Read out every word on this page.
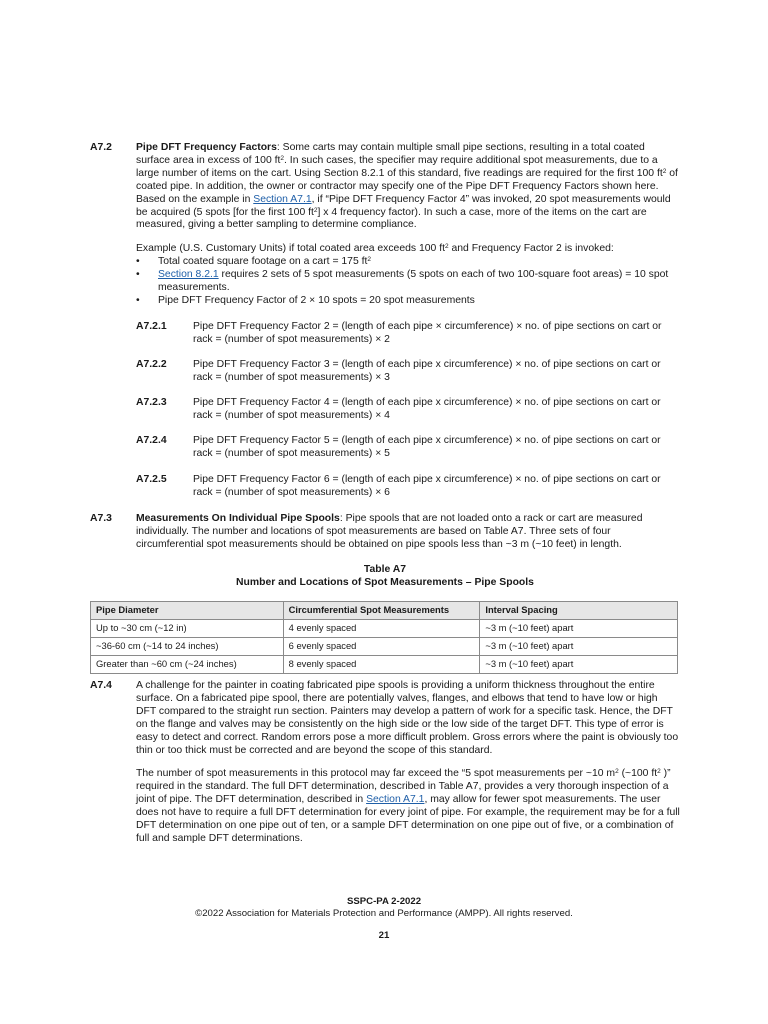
A7.2 Pipe DFT Frequency Factors: Some carts may contain multiple small pipe sections, resulting in a total coated surface area in excess of 100 $ft^2$. In such cases, the specifier may require additional spot measurements, due to a large number of items on the cart. Using Section 8.2.1 of this standard, five readings are required for the first 100 $ft^2$ of coated pipe. In addition, the owner or contractor may specify one of the Pipe DFT Frequency Factors shown here. Based on the example in Section A7.1, if “Pipe DFT Frequency Factor 4” was invoked, 20 spot measurements would be acquired (5 spots [for the first 100 $ft^2$] x 4 frequency factor). In such a case, more of the items on the cart are measured, giving a better sampling to determine compliance.

Example (U.S. Customary Units) if total coated area exceeds 100 $ft^2$ and Frequency Factor 2 is invoked:

• Total coated square footage on a cart = 175 $ft^2$
• Section 8.2.1 requires 2 sets of 5 spot measurements (5 spots on each of two 100-square foot areas) = 10 spot measurements.
• Pipe DFT Frequency Factor of 2 × 10 spots = 20 spot measurements
A7.2.1	Pipe DFT Frequency Factor 2 = (length of each pipe × circumference) × no. of pipe sections on cart or rack = (number of spot measurements) × 2
A7.2.2	Pipe DFT Frequency Factor 3 = (length of each pipe x circumference) × no. of pipe sections on cart or rack = (number of spot measurements) × 3
A7.2.3	Pipe DFT Frequency Factor 4 = (length of each pipe x circumference) × no. of pipe sections on cart or rack = (number of spot measurements) × 4
A7.2.4	Pipe DFT Frequency Factor 5 = (length of each pipe x circumference) × no. of pipe sections on cart or rack = (number of spot measurements) × 5
A7.2.5	Pipe DFT Frequency Factor 6 = (length of each pipe x circumference) × no. of pipe sections on cart or rack = (number of spot measurements) × 6
A7.3 Measurements On Individual Pipe Spools: Pipe spools that are not loaded onto a rack or cart are measured individually. The number and locations of spot measurements are based on Table A7. Three sets of four circumferential spot measurements should be obtained on pipe spools less than ~3 m (~10 feet) in length.

Table A7
Number and Locations of Spot Measurements – Pipe Spools
Pipe Diameter	Circumferential Spot Measurements	Interval Spacing
Up to ~30 cm (~12 in)	4 evenly spaced	~3 m (~10 feet) apart
~36-60 cm (~14 to 24 inches)	6 evenly spaced	~3 m (~10 feet) apart
Greater than ~60 cm (~24 inches)	8 evenly spaced	~3 m (~10 feet) apart
A7.4 A challenge for the painter in coating fabricated pipe spools is providing a uniform thickness throughout the entire surface. On a fabricated pipe spool, there are potentially valves, flanges, and elbows that tend to have low or high DFT compared to the straight run section. Painters may develop a pattern of work for a specific task. Hence, the DFT on the flange and valves may be consistently on the high side or the low side of the target DFT. This type of error is easy to detect and correct. Random errors pose a more difficult problem. Gross errors where the paint is obviously too thin or too thick must be corrected and are beyond the scope of this standard.

The number of spot measurements in this protocol may far exceed the “5 spot measurements per ~10 $m^2$ (~100 $ft^2$ )” required in the standard. The full DFT determination, described in Table A7, provides a very thorough inspection of a joint of pipe. The DFT determination, described in Section A7.1, may allow for fewer spot measurements. The user does not have to require a full DFT determination for every joint of pipe. For example, the requirement may be for a full DFT determination on one pipe out of ten, or a sample DFT determination on one pipe out of five, or a combination of full and sample DFT determinations.

SSPC-PA 2-2022
©2022 Association for Materials Protection and Performance (AMPP). All rights reserved.
21
